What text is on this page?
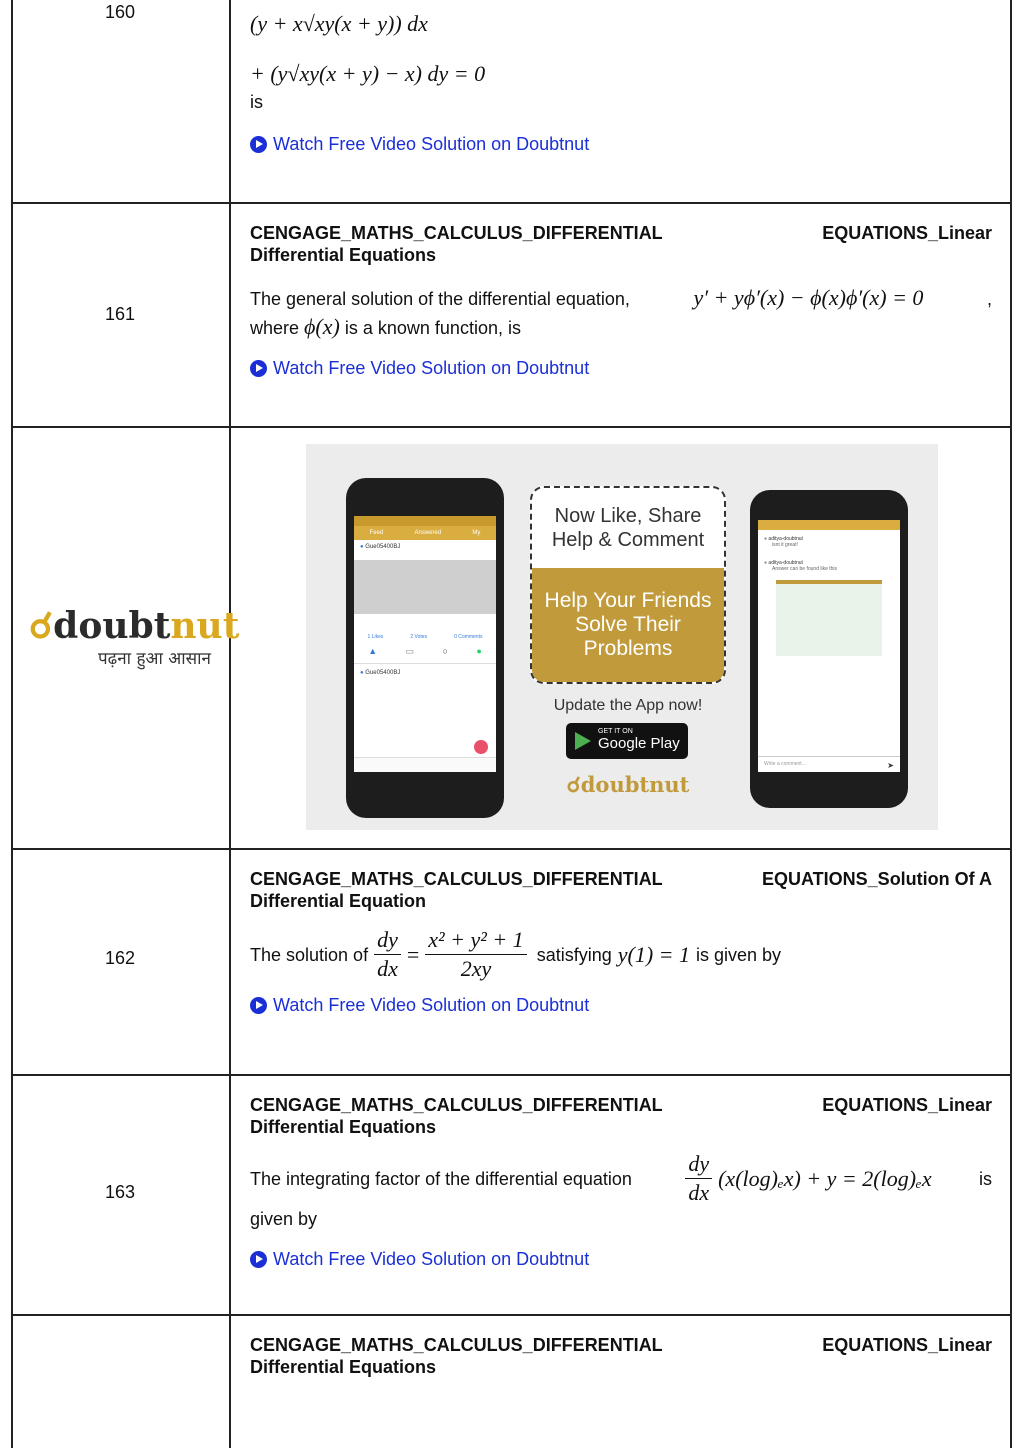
160	(y + x√xy(x + y)) dx
+ (y√xy(x + y) − x) dy = 0
is
Watch Free Video Solution on Doubtnut
161
CENGAGE_MATHS_CALCULUS_DIFFERENTIAL	EQUATIONS_Linear
Differential Equations
The general solution of the differential equation,	y′ + yϕ′(x) − ϕ(x)ϕ′(x) = 0	,
where ϕ(x) is a known function, is
Watch Free Video Solution on Doubtnut
☌doubtnut
पढ़ना हुआ आसान
Feed	Answered	My
● Gue05400BJ
1 Likes	2 Votes	0 Comments
▲	▭	○	●
● Gue05400BJ
● aditya-doubtnut
isnt it great!
● aditya-doubtnut
Answer can be found like this
Write a comment...	➤
Now Like, Share Help & Comment
Help Your Friends Solve Their Problems
Update the App now!
GET IT ON
Google Play
☌doubtnut
162
CENGAGE_MATHS_CALCULUS_DIFFERENTIAL	EQUATIONS_Solution Of A
Differential Equation
The solution of $\frac{dy}{dx} = \frac{\text{x² + y² + 1}}{2xy}$ satisfying y(1) = 1 is given by
Watch Free Video Solution on Doubtnut
163
CENGAGE_MATHS_CALCULUS_DIFFERENTIAL	EQUATIONS_Linear
Differential Equations
The integrating factor of the differential equation $\frac{dy}{dx} (x(\log)_ex) + y = 2(\log)_ex$	is
given by
Watch Free Video Solution on Doubtnut
CENGAGE_MATHS_CALCULUS_DIFFERENTIAL	EQUATIONS_Linear
Differential Equations
